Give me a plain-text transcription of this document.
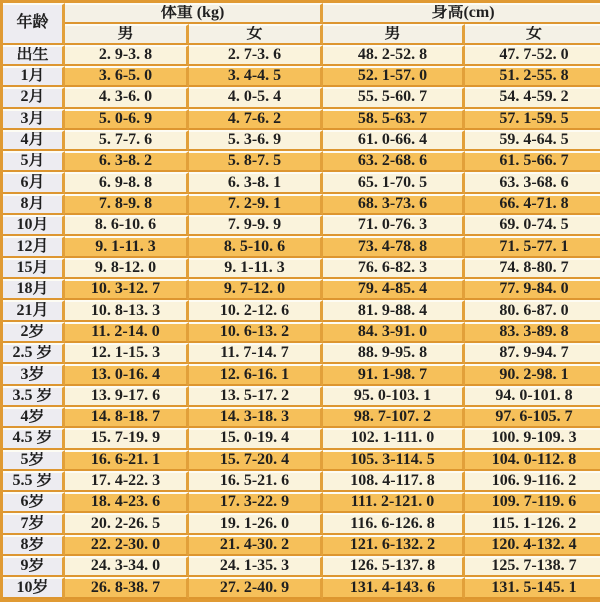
年龄	体重 (kg)		身高(cm)	
	男	女	男	女
出生	2. 9-3. 8	2. 7-3. 6	48. 2-52. 8	47. 7-52. 0
1月	3. 6-5. 0	3. 4-4. 5	52. 1-57. 0	51. 2-55. 8
2月	4. 3-6. 0	4. 0-5. 4	55. 5-60. 7	54. 4-59. 2
3月	5. 0-6. 9	4. 7-6. 2	58. 5-63. 7	57. 1-59. 5
4月	5. 7-7. 6	5. 3-6. 9	61. 0-66. 4	59. 4-64. 5
5月	6. 3-8. 2	5. 8-7. 5	63. 2-68. 6	61. 5-66. 7
6月	6. 9-8. 8	6. 3-8. 1	65. 1-70. 5	63. 3-68. 6
8月	7. 8-9. 8	7. 2-9. 1	68. 3-73. 6	66. 4-71. 8
10月	8. 6-10. 6	7. 9-9. 9	71. 0-76. 3	69. 0-74. 5
12月	9. 1-11. 3	8. 5-10. 6	73. 4-78. 8	71. 5-77. 1
15月	9. 8-12. 0	9. 1-11. 3	76. 6-82. 3	74. 8-80. 7
18月	10. 3-12. 7	9. 7-12. 0	79. 4-85. 4	77. 9-84. 0
21月	10. 8-13. 3	10. 2-12. 6	81. 9-88. 4	80. 6-87. 0
2岁	11. 2-14. 0	10. 6-13. 2	84. 3-91. 0	83. 3-89. 8
2.5 岁	12. 1-15. 3	11. 7-14. 7	88. 9-95. 8	87. 9-94. 7
3岁	13. 0-16. 4	12. 6-16. 1	91. 1-98. 7	90. 2-98. 1
3.5 岁	13. 9-17. 6	13. 5-17. 2	95. 0-103. 1	94. 0-101. 8
4岁	14. 8-18. 7	14. 3-18. 3	98. 7-107. 2	97. 6-105. 7
4.5 岁	15. 7-19. 9	15. 0-19. 4	102. 1-111. 0	100. 9-109. 3
5岁	16. 6-21. 1	15. 7-20. 4	105. 3-114. 5	104. 0-112. 8
5.5 岁	17. 4-22. 3	16. 5-21. 6	108. 4-117. 8	106. 9-116. 2
6岁	18. 4-23. 6	17. 3-22. 9	111. 2-121. 0	109. 7-119. 6
7岁	20. 2-26. 5	19. 1-26. 0	116. 6-126. 8	115. 1-126. 2
8岁	22. 2-30. 0	21. 4-30. 2	121. 6-132. 2	120. 4-132. 4
9岁	24. 3-34. 0	24. 1-35. 3	126. 5-137. 8	125. 7-138. 7
10岁	26. 8-38. 7	27. 2-40. 9	131. 4-143. 6	131. 5-145. 1
